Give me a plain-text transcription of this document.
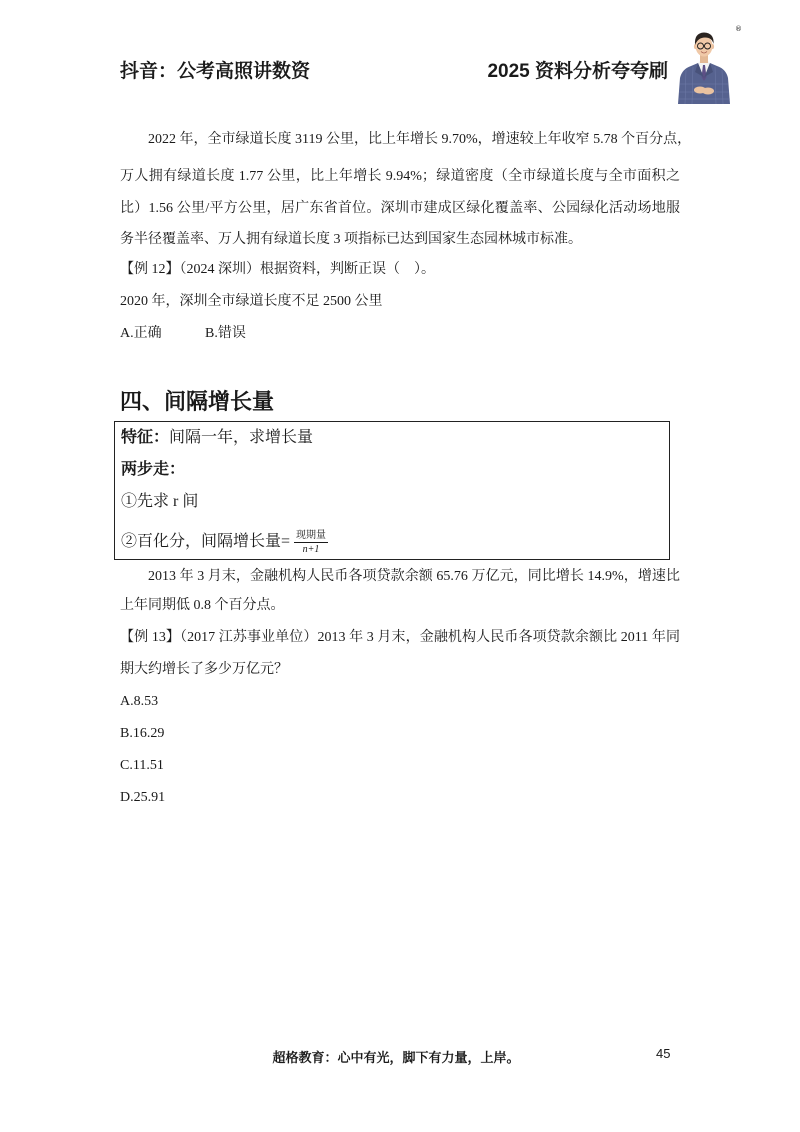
抖音：公考高照讲数资	2025 资料分析夸夸刷
®
2022 年，全市绿道长度 3119 公里，比上年增长 9.70%，增速较上年收窄 5.78 个百分点，
万人拥有绿道长度 1.77 公里，比上年增长 9.94%；绿道密度（全市绿道长度与全市面积之
比）1.56 公里/平方公里，居广东省首位。深圳市建成区绿化覆盖率、公园绿化活动场地服
务半径覆盖率、万人拥有绿道长度 3 项指标已达到国家生态园林城市标准。
【例 12】（2024 深圳）根据资料，判断正误（    ）。
2020 年，深圳全市绿道长度不足 2500 公里
A.正确	B.错误
四、间隔增长量
特征：间隔一年，求增长量
两步走：
①先求 r 间
②百化分，间隔增长量= $\frac{\text{现期量}}{n+1}$
2013 年 3 月末，金融机构人民币各项贷款余额 65.76 万亿元，同比增长 14.9%，增速比
上年同期低 0.8 个百分点。
【例 13】（2017 江苏事业单位）2013 年 3 月末，金融机构人民币各项贷款余额比 2011 年同
期大约增长了多少万亿元？
A.8.53
B.16.29
C.11.51
D.25.91
超格教育：心中有光，脚下有力量，上岸。	45
